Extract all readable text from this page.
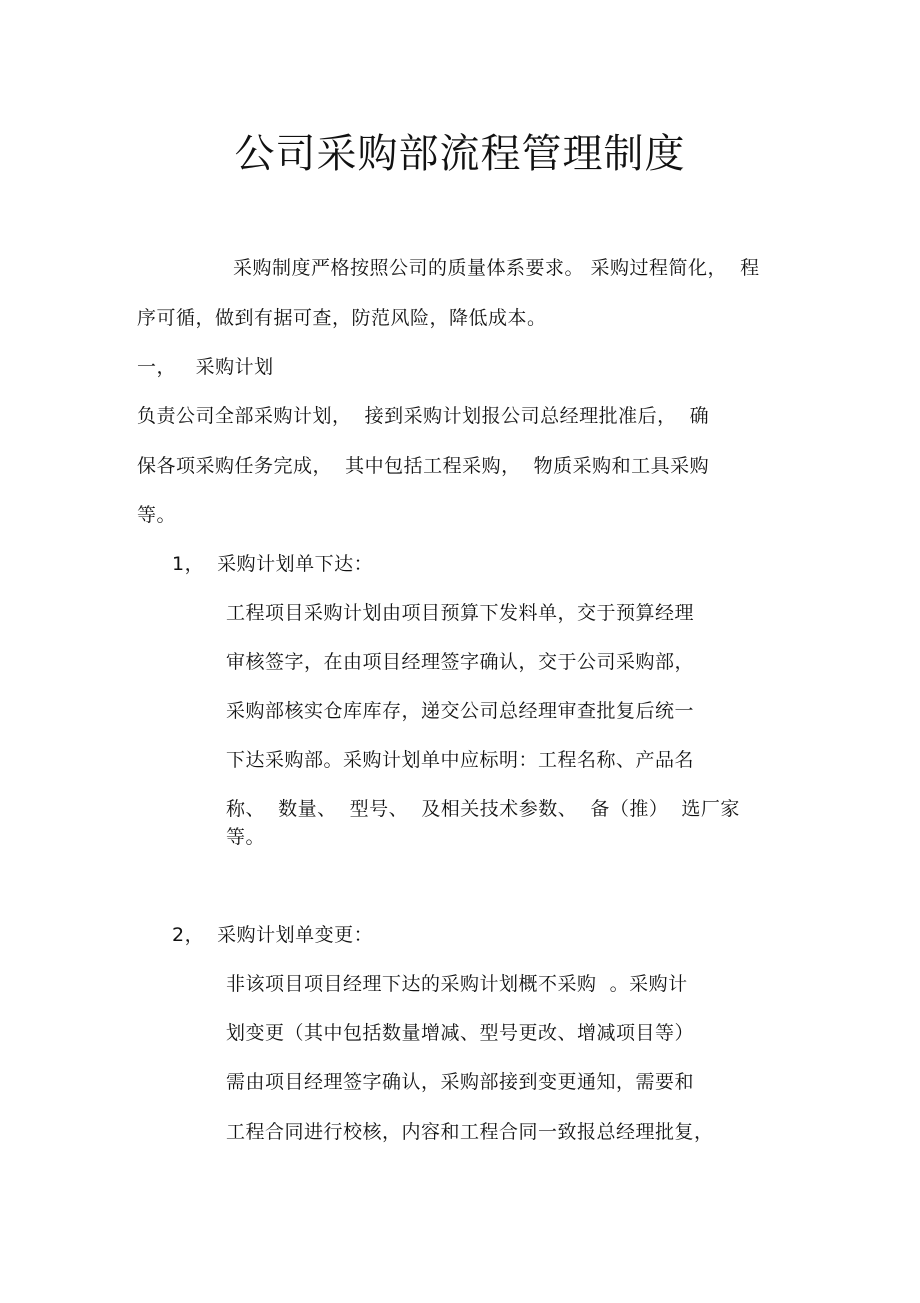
公司采购部流程管理制度
采购制度严格按照公司的质量体系要求。 采购过程简化，  程
序可循，做到有据可查，防范风险，降低成本。
一，   采购计划
负责公司全部采购计划，  接到采购计划报公司总经理批准后，  确
保各项采购任务完成，  其中包括工程采购，  物质采购和工具采购
等。
1，  采购计划单下达：
工程项目采购计划由项目预算下发料单，交于预算经理
审核签字，在由项目经理签字确认，交于公司采购部，
采购部核实仓库库存，递交公司总经理审查批复后统一
下达采购部。采购计划单中应标明：工程名称、产品名
称、  数量、  型号、  及相关技术参数、  备（推）  选厂家
等。
2，  采购计划单变更：
非该项目项目经理下达的采购计划概不采购  。采购计
划变更（其中包括数量增减、型号更改、增减项目等）
需由项目经理签字确认，采购部接到变更通知，需要和
工程合同进行校核，内容和工程合同一致报总经理批复，
